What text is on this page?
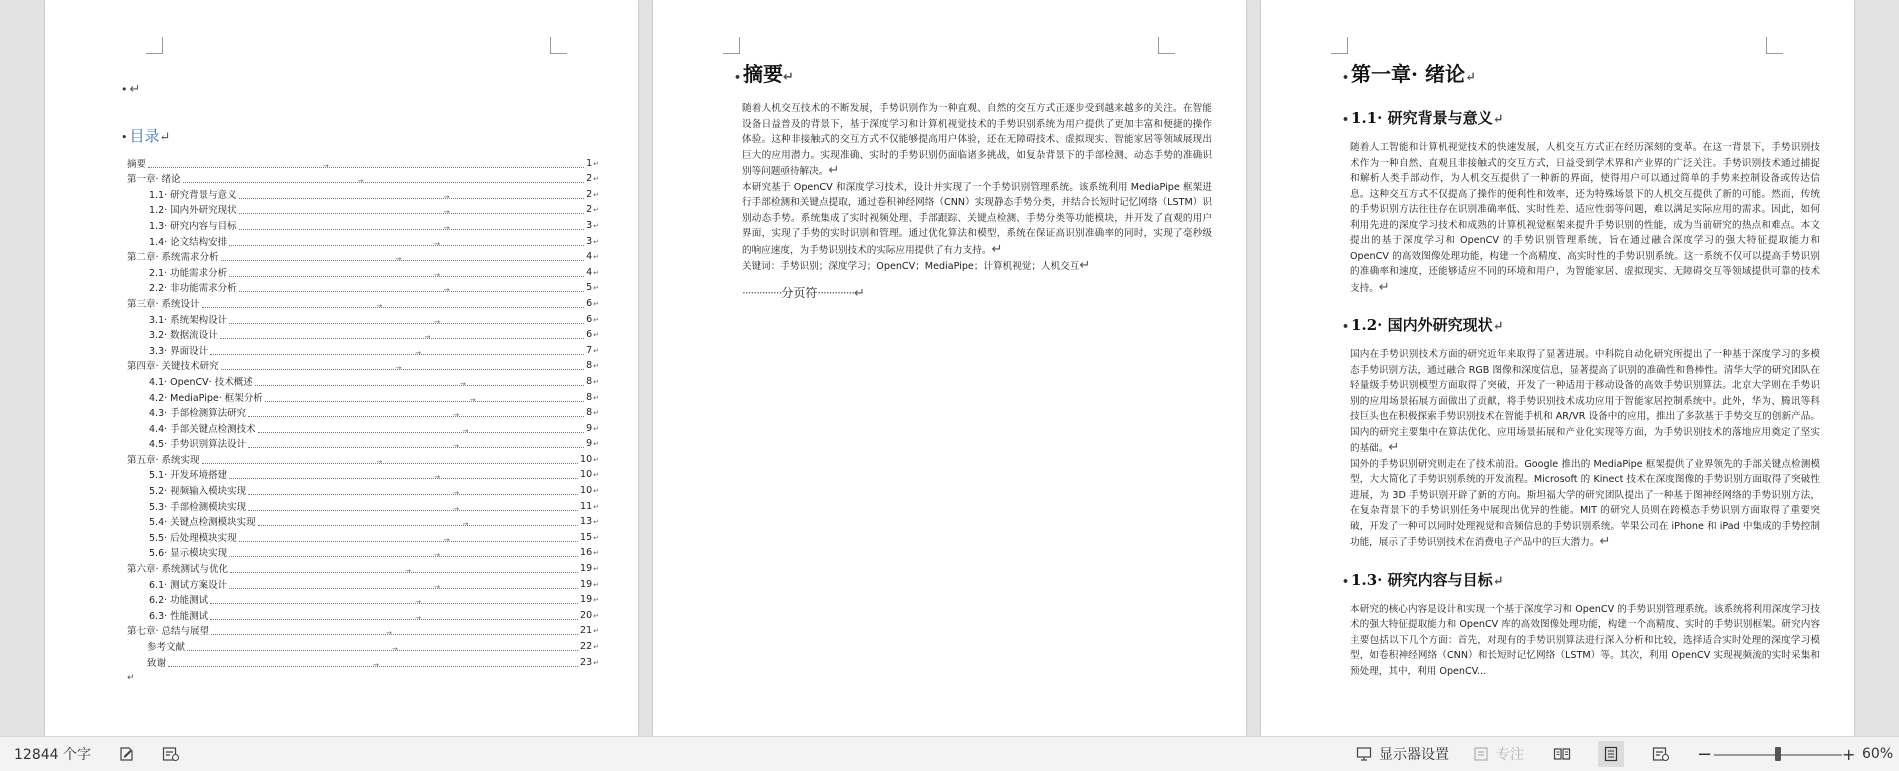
• ↵
• 目录↵
摘要	→	1↵
第一章· 绪论	→	2↵
1.1· 研究背景与意义	→	2↵
1.2· 国内外研究现状	→	2↵
1.3· 研究内容与目标	→	3↵
1.4· 论文结构安排	→	3↵
第二章· 系统需求分析	→	4↵
2.1· 功能需求分析	→	4↵
2.2· 非功能需求分析	→	5↵
第三章· 系统设计	→	6↵
3.1· 系统架构设计	→	6↵
3.2· 数据流设计	→	6↵
3.3· 界面设计	→	7↵
第四章· 关键技术研究	→	8↵
4.1· OpenCV· 技术概述	→	8↵
4.2· MediaPipe· 框架分析	→	8↵
4.3· 手部检测算法研究	→	8↵
4.4· 手部关键点检测技术	→	9↵
4.5· 手势识别算法设计	→	9↵
第五章· 系统实现	→	10↵
5.1· 开发环境搭建	→	10↵
5.2· 视频输入模块实现	→	10↵
5.3· 手部检测模块实现	→	11↵
5.4· 关键点检测模块实现	→	13↵
5.5· 后处理模块实现	→	15↵
5.6· 显示模块实现	→	16↵
第六章· 系统测试与优化	→	19↵
6.1· 测试方案设计	→	19↵
6.2· 功能测试	→	19↵
6.3· 性能测试	→	20↵
第七章· 总结与展望	→	21↵
参考文献	→	22↵
致谢	→	23↵
↵
• 摘要↵

随着人机交互技术的不断发展，手势识别作为一种直观、自然的交互方式正逐步受到越来越多的关注。在智能设备日益普及的背景下，基于深度学习和计算机视觉技术的手势识别系统为用户提供了更加丰富和便捷的操作体验。这种非接触式的交互方式不仅能够提高用户体验，还在无障碍技术、虚拟现实、智能家居等领域展现出巨大的应用潜力。实现准确、实时的手势识别仍面临诸多挑战，如复杂背景下的手部检测、动态手势的准确识别等问题亟待解决。↵

本研究基于 OpenCV 和深度学习技术，设计并实现了一个手势识别管理系统。该系统利用 MediaPipe 框架进行手部检测和关键点提取，通过卷积神经网络（CNN）实现静态手势分类，并结合长短时记忆网络（LSTM）识别动态手势。系统集成了实时视频处理、手部跟踪、关键点检测、手势分类等功能模块，并开发了直观的用户界面，实现了手势的实时识别和管理。通过优化算法和模型，系统在保证高识别准确率的同时，实现了毫秒级的响应速度，为手势识别技术的实际应用提供了有力支持。↵

关键词：手势识别；深度学习；OpenCV；MediaPipe；计算机视觉；人机交互↵

··············分页符·············↵
• 第一章· 绪论↵
• 1.1· 研究背景与意义↵

随着人工智能和计算机视觉技术的快速发展，人机交互方式正在经历深刻的变革。在这一背景下，手势识别技术作为一种自然、直观且非接触式的交互方式，日益受到学术界和产业界的广泛关注。手势识别技术通过捕捉和解析人类手部动作，为人机交互提供了一种新的界面，使得用户可以通过简单的手势来控制设备或传达信息。这种交互方式不仅提高了操作的便利性和效率，还为特殊场景下的人机交互提供了新的可能。然而，传统的手势识别方法往往存在识别准确率低、实时性差、适应性弱等问题，难以满足实际应用的需求。因此，如何利用先进的深度学习技术和成熟的计算机视觉框架来提升手势识别的性能，成为当前研究的热点和难点。本文提出的基于深度学习和 OpenCV 的手势识别管理系统，旨在通过融合深度学习的强大特征提取能力和 OpenCV 的高效图像处理功能，构建一个高精度、高实时性的手势识别系统。这一系统不仅可以提高手势识别的准确率和速度，还能够适应不同的环境和用户，为智能家居、虚拟现实、无障碍交互等领域提供可靠的技术支持。↵

• 1.2· 国内外研究现状↵

国内在手势识别技术方面的研究近年来取得了显著进展。中科院自动化研究所提出了一种基于深度学习的多模态手势识别方法，通过融合 RGB 图像和深度信息，显著提高了识别的准确性和鲁棒性。清华大学的研究团队在轻量级手势识别模型方面取得了突破，开发了一种适用于移动设备的高效手势识别算法。北京大学则在手势识别的应用场景拓展方面做出了贡献，将手势识别技术成功应用于智能家居控制系统中。此外，华为、腾讯等科技巨头也在积极探索手势识别技术在智能手机和 AR/VR 设备中的应用，推出了多款基于手势交互的创新产品。国内的研究主要集中在算法优化、应用场景拓展和产业化实现等方面，为手势识别技术的落地应用奠定了坚实的基础。↵

国外的手势识别研究则走在了技术前沿。Google 推出的 MediaPipe 框架提供了业界领先的手部关键点检测模型，大大简化了手势识别系统的开发流程。Microsoft 的 Kinect 技术在深度图像的手势识别方面取得了突破性进展，为 3D 手势识别开辟了新的方向。斯坦福大学的研究团队提出了一种基于图神经网络的手势识别方法，在复杂背景下的手势识别任务中展现出优异的性能。MIT 的研究人员则在跨模态手势识别方面取得了重要突破，开发了一种可以同时处理视觉和音频信息的手势识别系统。苹果公司在 iPhone 和 iPad 中集成的手势控制功能，展示了手势识别技术在消费电子产品中的巨大潜力。↵

• 1.3· 研究内容与目标↵

本研究的核心内容是设计和实现一个基于深度学习和 OpenCV 的手势识别管理系统。该系统将利用深度学习技术的强大特征提取能力和 OpenCV 库的高效图像处理功能，构建一个高精度、实时的手势识别框架。研究内容主要包括以下几个方面：首先，对现有的手势识别算法进行深入分析和比较，选择适合实时处理的深度学习模型，如卷积神经网络（CNN）和长短时记忆网络（LSTM）等。其次，利用 OpenCV 实现视频流的实时采集和预处理，其中，利用 OpenCV...

12844 个字	显示器设置	专注	−	+ 60%
